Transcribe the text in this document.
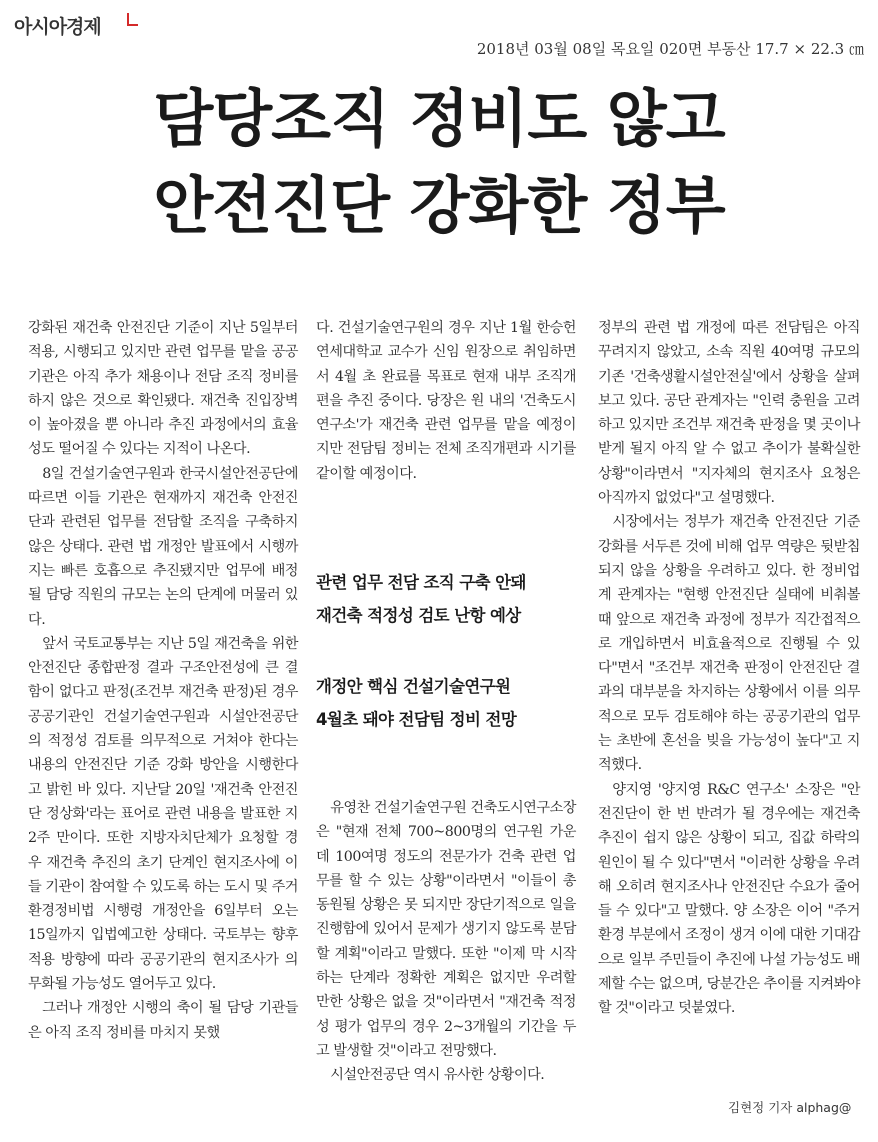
아시아경제
2018년 03월 08일 목요일 020면 부동산 17.7 × 22.3 ㎝
담당조직 정비도 않고
안전진단 강화한 정부

강화된 재건축 안전진단 기준이 지난 5일부터 적용, 시행되고 있지만 관련 업무를 맡을 공공기관은 아직 추가 채용이나 전담 조직 정비를 하지 않은 것으로 확인됐다. 재건축 진입장벽이 높아졌을 뿐 아니라 추진 과정에서의 효율성도 떨어질 수 있다는 지적이 나온다.

8일 건설기술연구원과 한국시설안전공단에 따르면 이들 기관은 현재까지 재건축 안전진단과 관련된 업무를 전담할 조직을 구축하지 않은 상태다. 관련 법 개정안 발표에서 시행까지는 빠른 호흡으로 추진됐지만 업무에 배정될 담당 직원의 규모는 논의 단계에 머물러 있다.

앞서 국토교통부는 지난 5일 재건축을 위한 안전진단 종합판정 결과 구조안전성에 큰 결함이 없다고 판정(조건부 재건축 판정)된 경우 공공기관인 건설기술연구원과 시설안전공단의 적정성 검토를 의무적으로 거쳐야 한다는 내용의 안전진단 기준 강화 방안을 시행한다고 밝힌 바 있다. 지난달 20일 '재건축 안전진단 정상화'라는 표어로 관련 내용을 발표한 지 2주 만이다. 또한 지방자치단체가 요청할 경우 재건축 추진의 초기 단계인 현지조사에 이들 기관이 참여할 수 있도록 하는 도시 및 주거환경정비법 시행령 개정안을 6일부터 오는 15일까지 입법예고한 상태다. 국토부는 향후 적용 방향에 따라 공공기관의 현지조사가 의무화될 가능성도 열어두고 있다.

그러나 개정안 시행의 축이 될 담당 기관들은 아직 조직 정비를 마치지 못했

다. 건설기술연구원의 경우 지난 1월 한승헌 연세대학교 교수가 신임 원장으로 취임하면서 4월 초 완료를 목표로 현재 내부 조직개편을 추진 중이다. 당장은 원 내의 '건축도시연구소'가 재건축 관련 업무를 맡을 예정이지만 전담팀 정비는 전체 조직개편과 시기를 같이할 예정이다.

관련 업무 전담 조직 구축 안돼
재건축 적정성 검토 난항 예상
개정안 핵심 건설기술연구원
4월초 돼야 전담팀 정비 전망

유영찬 건설기술연구원 건축도시연구소장은 "현재 전체 700~800명의 연구원 가운데 100여명 정도의 전문가가 건축 관련 업무를 할 수 있는 상황"이라면서 "이들이 총동원될 상황은 못 되지만 장단기적으로 일을 진행함에 있어서 문제가 생기지 않도록 분담할 계획"이라고 말했다. 또한 "이제 막 시작하는 단계라 정확한 계획은 없지만 우려할 만한 상황은 없을 것"이라면서 "재건축 적정성 평가 업무의 경우 2~3개월의 기간을 두고 발생할 것"이라고 전망했다.

시설안전공단 역시 유사한 상황이다.

정부의 관련 법 개정에 따른 전담팀은 아직 꾸려지지 않았고, 소속 직원 40여명 규모의 기존 '건축생활시설안전실'에서 상황을 살펴보고 있다. 공단 관계자는 "인력 충원을 고려하고 있지만 조건부 재건축 판정을 몇 곳이나 받게 될지 아직 알 수 없고 추이가 불확실한 상황"이라면서 "지자체의 현지조사 요청은 아직까지 없었다"고 설명했다.

시장에서는 정부가 재건축 안전진단 기준 강화를 서두른 것에 비해 업무 역량은 뒷받침되지 않을 상황을 우려하고 있다. 한 정비업계 관계자는 "현행 안전진단 실태에 비춰볼 때 앞으로 재건축 과정에 정부가 직간접적으로 개입하면서 비효율적으로 진행될 수 있다"면서 "조건부 재건축 판정이 안전진단 결과의 대부분을 차지하는 상황에서 이를 의무적으로 모두 검토해야 하는 공공기관의 업무는 초반에 혼선을 빚을 가능성이 높다"고 지적했다.

양지영 '양지영 R&C 연구소' 소장은 "안전진단이 한 번 반려가 될 경우에는 재건축 추진이 쉽지 않은 상황이 되고, 집값 하락의 원인이 될 수 있다"면서 "이러한 상황을 우려해 오히려 현지조사나 안전진단 수요가 줄어들 수 있다"고 말했다. 양 소장은 이어 "주거환경 부분에서 조정이 생겨 이에 대한 기대감으로 일부 주민들이 추진에 나설 가능성도 배제할 수는 없으며, 당분간은 추이를 지켜봐야 할 것"이라고 덧붙였다.

김현정 기자 alphag@
